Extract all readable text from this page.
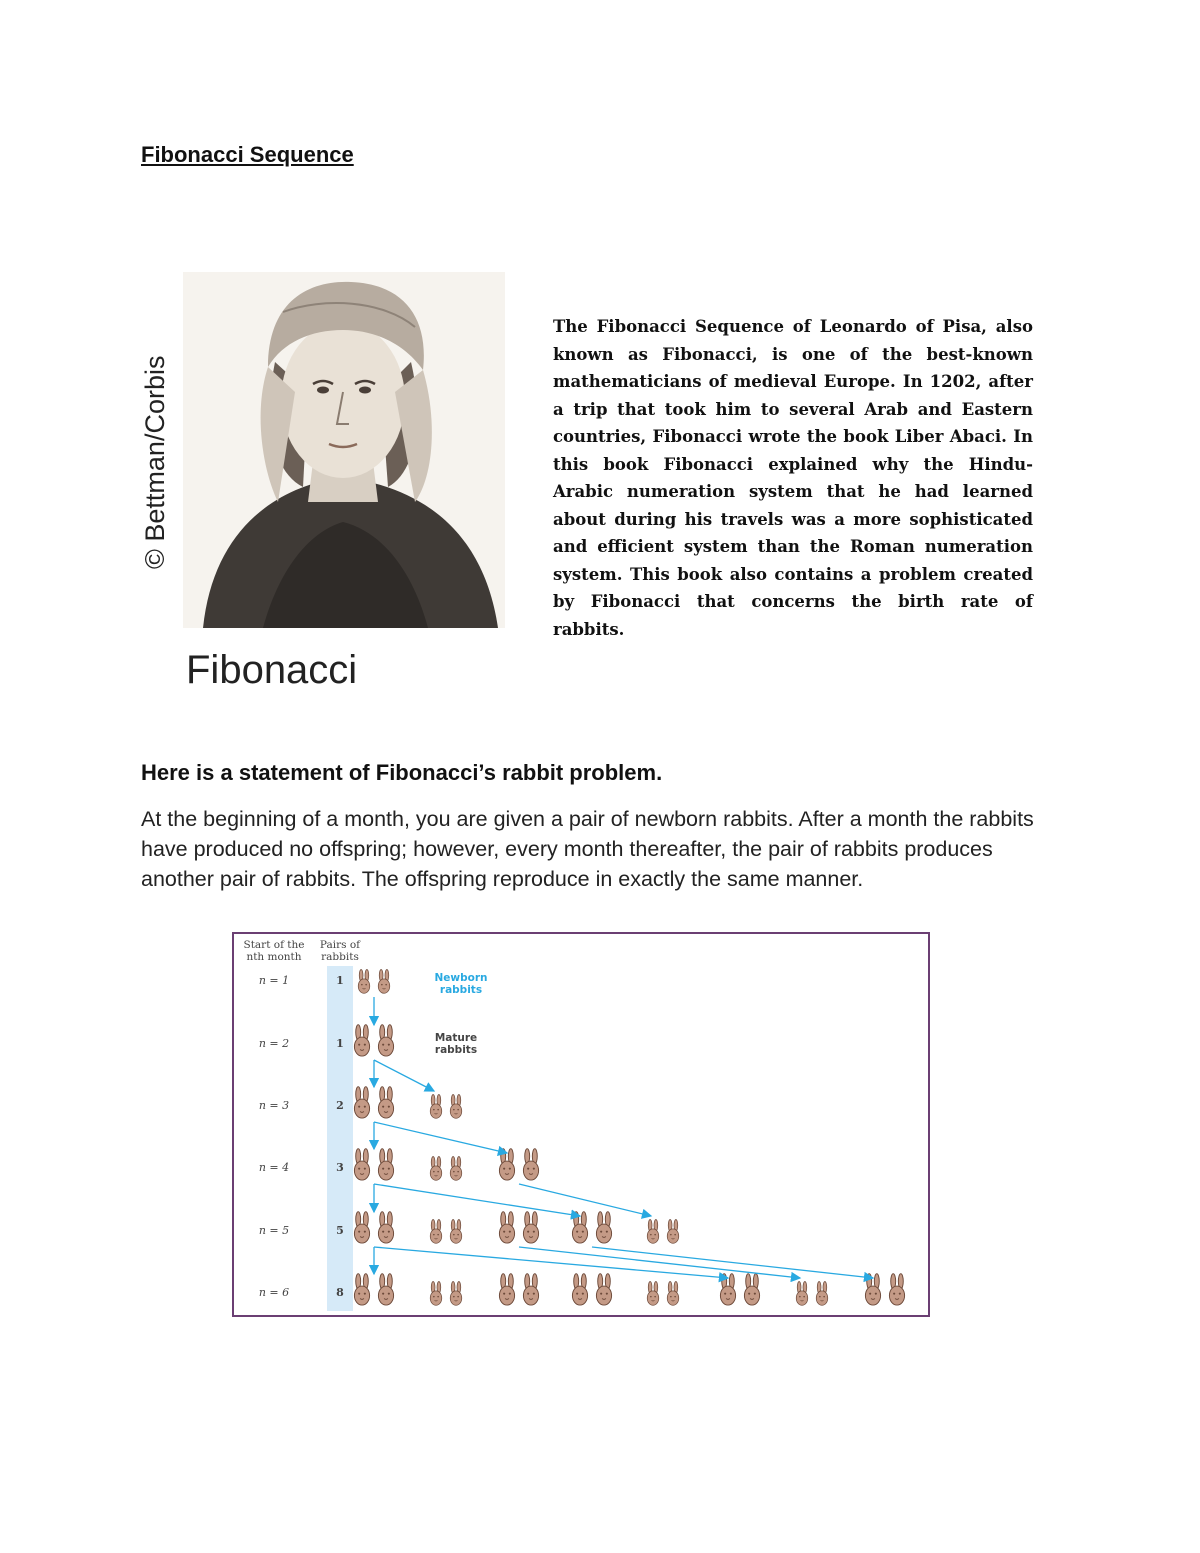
Fibonacci Sequence
© Bettman/Corbis
Fibonacci
The Fibonacci Sequence of Leonardo of Pisa, also known as Fibonacci, is one of the best-known mathematicians of medieval Europe. In 1202, after a trip that took him to several Arab and Eastern countries, Fibonacci wrote the book Liber Abaci. In this book Fibonacci explained why the Hindu-Arabic numeration system that he had learned about during his travels was a more sophisticated and efficient system than the Roman numeration system. This book also contains a problem created by Fibonacci that concerns the birth rate of rabbits.
Here is a statement of Fibonacci’s rabbit problem.
At the beginning of a month, you are given a pair of newborn rabbits. After a month the rabbits have produced no offspring; however, every month thereafter, the pair of rabbits produces another pair of rabbits. The offspring reproduce in exactly the same manner.
Start of the
nth month
Pairs of
rabbits
Newborn
rabbits
Mature
rabbits
n = 1	1
n = 2	1
n = 3	2
n = 4	3
n = 5	5
n = 6	8
